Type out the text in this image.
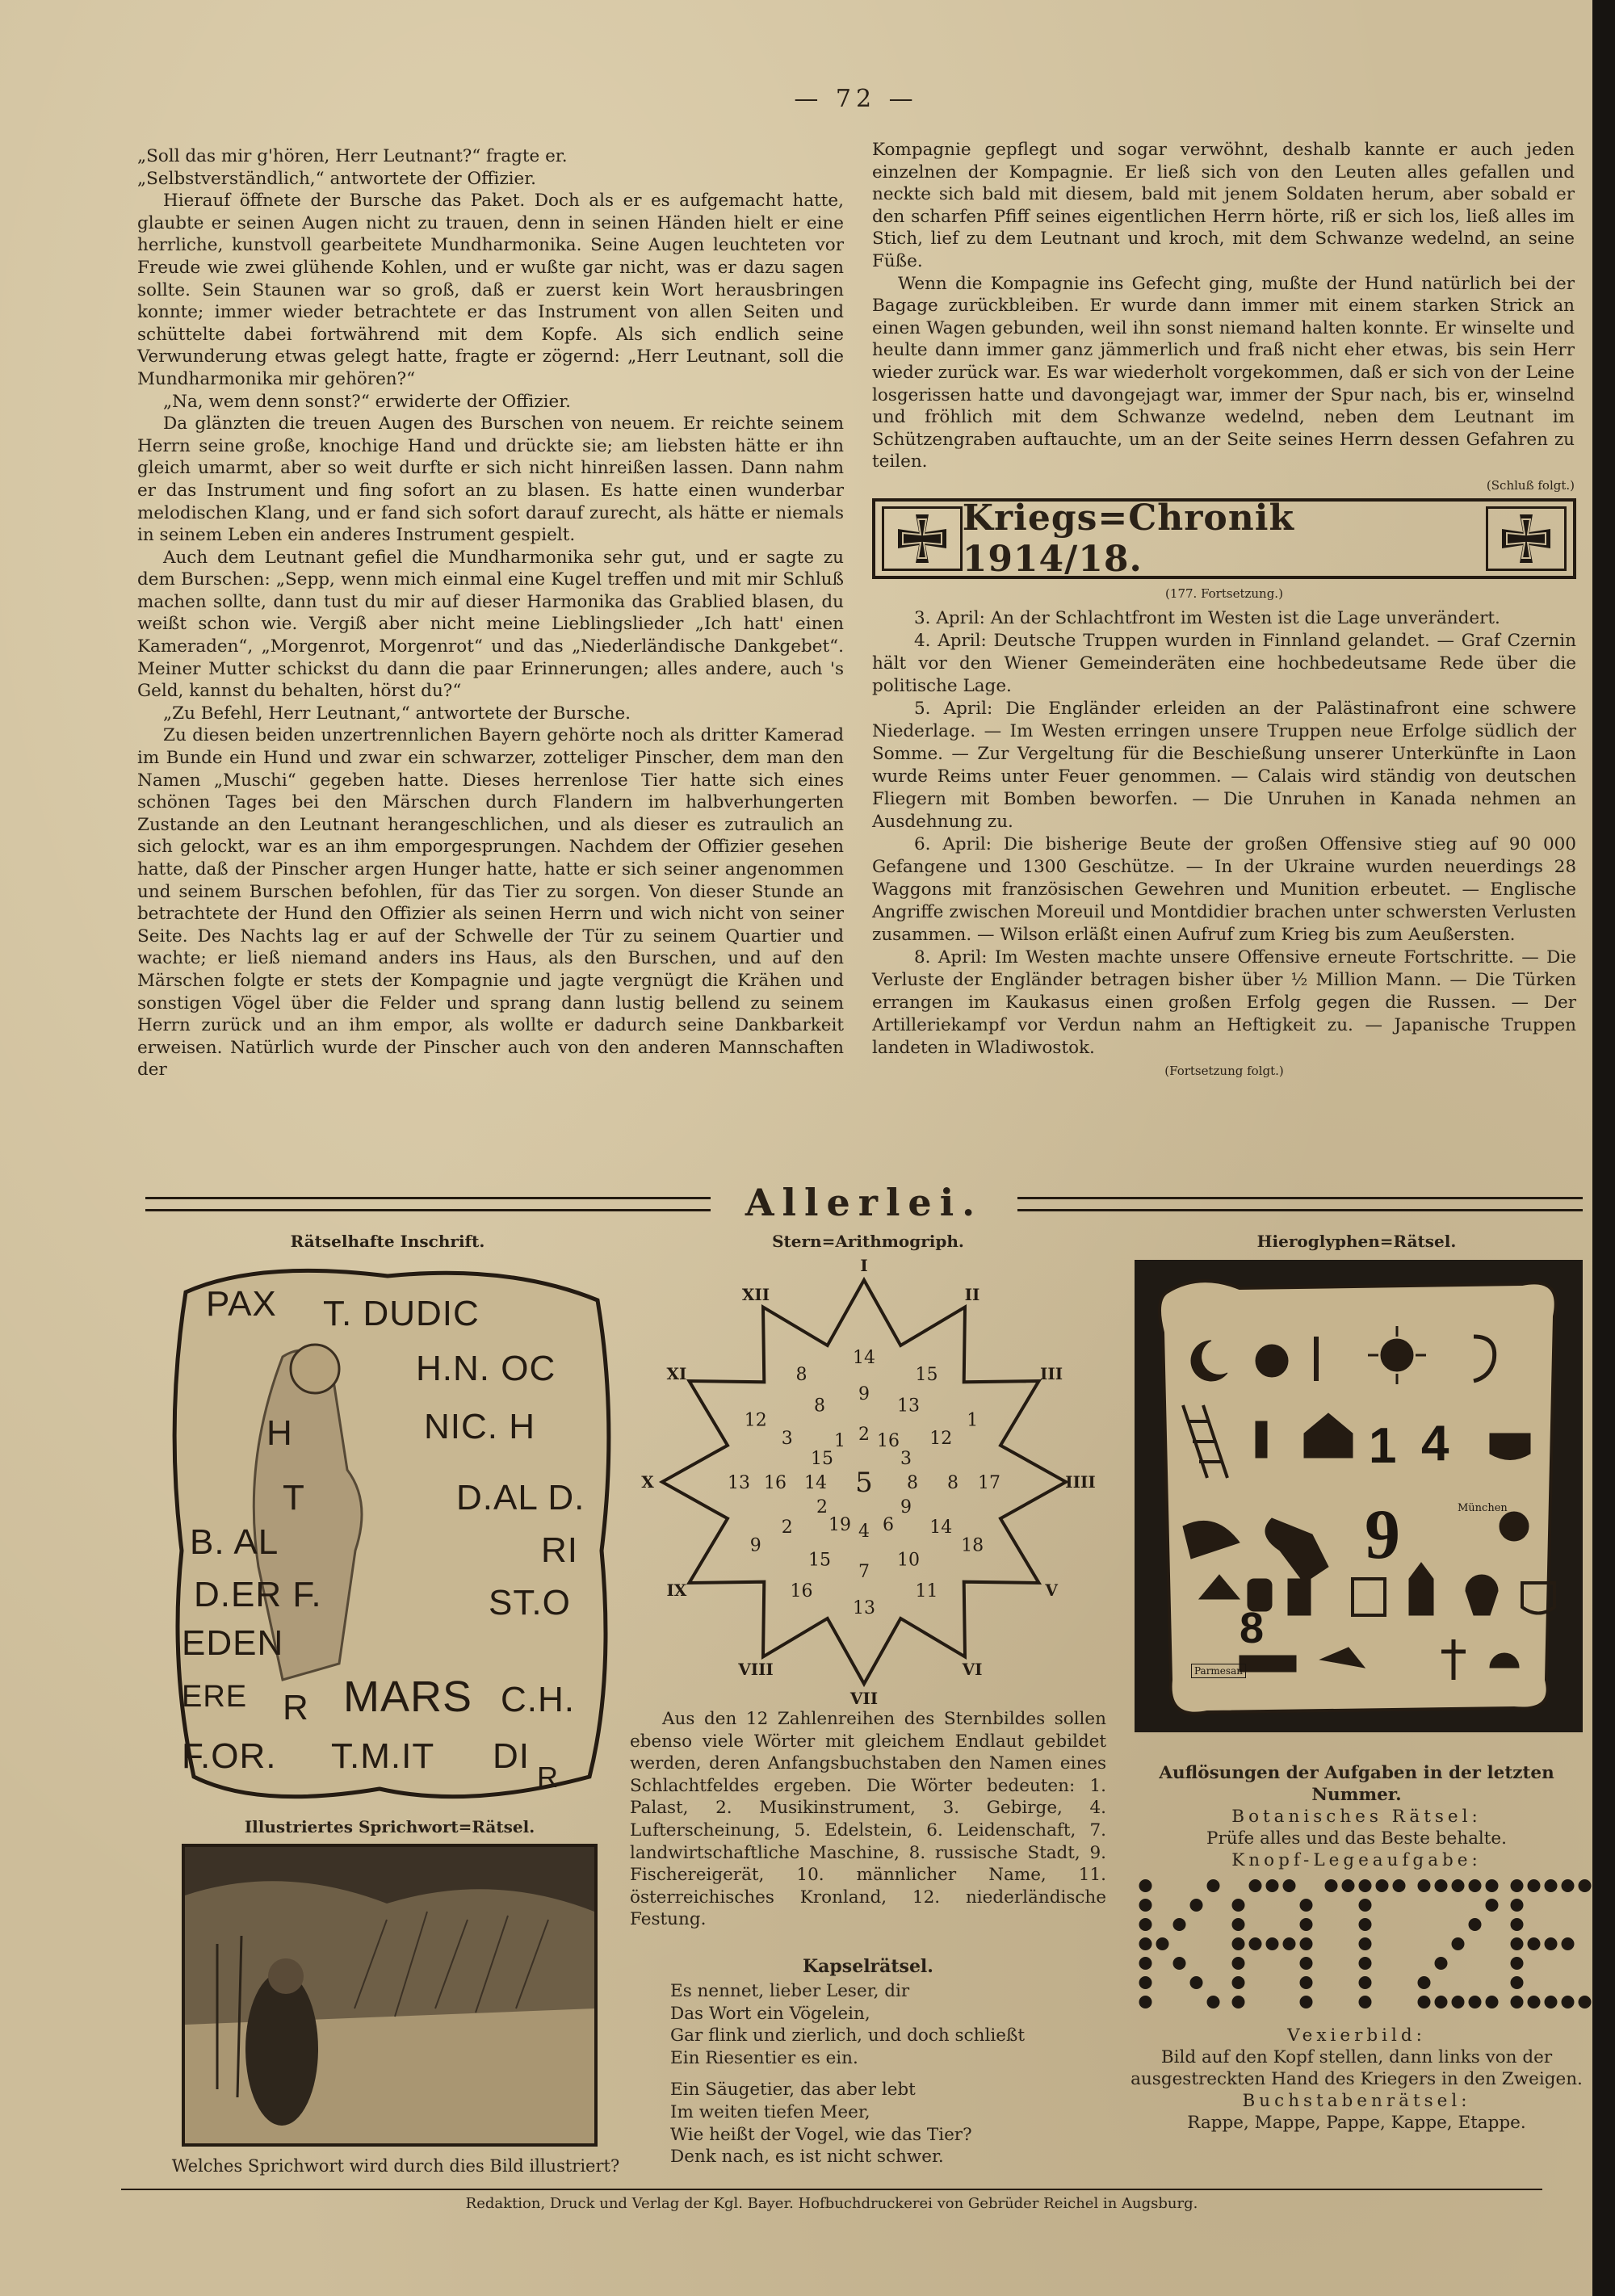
— 72 —

„Soll das mir g'hören, Herr Leutnant?“ fragte er.

„Selbstverständlich,“ antwortete der Offizier.

Hierauf öffnete der Bursche das Paket. Doch als er es aufgemacht hatte, glaubte er seinen Augen nicht zu trauen, denn in seinen Händen hielt er eine herrliche, kunstvoll gearbeitete Mundharmonika. Seine Augen leuchteten vor Freude wie zwei glühende Kohlen, und er wußte gar nicht, was er dazu sagen sollte. Sein Staunen war so groß, daß er zuerst kein Wort herausbringen konnte; immer wieder betrachtete er das Instrument von allen Seiten und schüttelte dabei fortwährend mit dem Kopfe. Als sich endlich seine Verwunderung etwas gelegt hatte, fragte er zögernd: „Herr Leutnant, soll die Mundharmonika mir gehören?“

„Na, wem denn sonst?“ erwiderte der Offizier.

Da glänzten die treuen Augen des Burschen von neuem. Er reichte seinem Herrn seine große, knochige Hand und drückte sie; am liebsten hätte er ihn gleich umarmt, aber so weit durfte er sich nicht hinreißen lassen. Dann nahm er das Instrument und fing sofort an zu blasen. Es hatte einen wunderbar melodischen Klang, und er fand sich sofort darauf zurecht, als hätte er niemals in seinem Leben ein anderes Instrument gespielt.

Auch dem Leutnant gefiel die Mundharmonika sehr gut, und er sagte zu dem Burschen: „Sepp, wenn mich einmal eine Kugel treffen und mit mir Schluß machen sollte, dann tust du mir auf dieser Harmonika das Grablied blasen, du weißt schon wie. Vergiß aber nicht meine Lieblingslieder „Ich hatt' einen Kameraden“, „Morgenrot, Morgenrot“ und das „Niederländische Dankgebet“. Meiner Mutter schickst du dann die paar Erinnerungen; alles andere, auch 's Geld, kannst du behalten, hörst du?“

„Zu Befehl, Herr Leutnant,“ antwortete der Bursche.

Zu diesen beiden unzertrennlichen Bayern gehörte noch als dritter Kamerad im Bunde ein Hund und zwar ein schwarzer, zotteliger Pinscher, dem man den Namen „Muschi“ gegeben hatte. Dieses herrenlose Tier hatte sich eines schönen Tages bei den Märschen durch Flandern im halbverhungerten Zustande an den Leutnant herangeschlichen, und als dieser es zutraulich an sich gelockt, war es an ihm emporgesprungen. Nachdem der Offizier gesehen hatte, daß der Pinscher argen Hunger hatte, hatte er sich seiner angenommen und seinem Burschen befohlen, für das Tier zu sorgen. Von dieser Stunde an betrachtete der Hund den Offizier als seinen Herrn und wich nicht von seiner Seite. Des Nachts lag er auf der Schwelle der Tür zu seinem Quartier und wachte; er ließ niemand anders ins Haus, als den Burschen, und auf den Märschen folgte er stets der Kompagnie und jagte vergnügt die Krähen und sonstigen Vögel über die Felder und sprang dann lustig bellend zu seinem Herrn zurück und an ihm empor, als wollte er dadurch seine Dankbarkeit erweisen. Natürlich wurde der Pinscher auch von den anderen Mannschaften der

Kompagnie gepflegt und sogar verwöhnt, deshalb kannte er auch jeden einzelnen der Kompagnie. Er ließ sich von den Leuten alles gefallen und neckte sich bald mit diesem, bald mit jenem Soldaten herum, aber sobald er den scharfen Pfiff seines eigentlichen Herrn hörte, riß er sich los, ließ alles im Stich, lief zu dem Leutnant und kroch, mit dem Schwanze wedelnd, an seine Füße.

Wenn die Kompagnie ins Gefecht ging, mußte der Hund natürlich bei der Bagage zurückbleiben. Er wurde dann immer mit einem starken Strick an einen Wagen gebunden, weil ihn sonst niemand halten konnte. Er winselte und heulte dann immer ganz jämmerlich und fraß nicht eher etwas, bis sein Herr wieder zurück war. Es war wiederholt vorgekommen, daß er sich von der Leine losgerissen hatte und davongejagt war, immer der Spur nach, bis er, winselnd und fröhlich mit dem Schwanze wedelnd, neben dem Leutnant im Schützengraben auftauchte, um an der Seite seines Herrn dessen Gefahren zu teilen.

(Schluß folgt.)
Kriegs=Chronik 1914/18.
(177. Fortsetzung.)

3. April: An der Schlachtfront im Westen ist die Lage unverändert.

4. April: Deutsche Truppen wurden in Finnland gelandet. — Graf Czernin hält vor den Wiener Gemeinderäten eine hochbedeutsame Rede über die politische Lage.

5. April: Die Engländer erleiden an der Palästinafront eine schwere Niederlage. — Im Westen erringen unsere Truppen neue Erfolge südlich der Somme. — Zur Vergeltung für die Beschießung unserer Unterkünfte in Laon wurde Reims unter Feuer genommen. — Calais wird ständig von deutschen Fliegern mit Bomben beworfen. — Die Unruhen in Kanada nehmen an Ausdehnung zu.

6. April: Die bisherige Beute der großen Offensive stieg auf 90 000 Gefangene und 1300 Geschütze. — In der Ukraine wurden neuerdings 28 Waggons mit französischen Gewehren und Munition erbeutet. — Englische Angriffe zwischen Moreuil und Montdidier brachen unter schwersten Verlusten zusammen. — Wilson erläßt einen Aufruf zum Krieg bis zum Aeußersten.

8. April: Im Westen machte unsere Offensive erneute Fortschritte. — Die Verluste der Engländer betragen bisher über ½ Million Mann. — Die Türken errangen im Kaukasus einen großen Erfolg gegen die Russen. — Der Artilleriekampf vor Verdun nahm an Heftigkeit zu. — Japanische Truppen landeten in Wladiwostok.

(Fortsetzung folgt.)
Allerlei.
Rätselhafte Inschrift.
PAX T. DUDIC
H.N. OC
NIC. H
H
T	D.AL D.
B. AL	RI
D.ER F.	ST.O
EDEN
ERE R MARS C.H.
F.OR. T.M.IT DI
R
Illustriertes Sprichwort=Rätsel.
Welches Sprichwort wird durch dies Bild illustriert?
Stern=Arithmogriph.
I
II
III
IIII
V
VI
VII
VIII
IX
X
XI
XII
5
2
9
14
16
13
15
3
12
1
8 8 17
9
14
18
6
10
11
4
7
13
19
15
16
2
2
9
14
16
13
15
3
12
1
8
8

Aus den 12 Zahlenreihen des Sternbildes sollen ebenso viele Wörter mit gleichem Endlaut gebildet werden, deren Anfangsbuchstaben den Namen eines Schlachtfeldes ergeben. Die Wörter bedeuten: 1. Palast, 2. Musikinstrument, 3. Gebirge, 4. Lufterscheinung, 5. Edelstein, 6. Leidenschaft, 7. landwirtschaftliche Maschine, 8. russische Stadt, 9. Fischereigerät, 10. männlicher Name, 11. österreichisches Kronland, 12. niederländische Festung.

Kapselrätsel.
Es nennet, lieber Leser, dir
Das Wort ein Vögelein,
Gar flink und zierlich, und doch schließt
Ein Riesentier es ein.
Ein Säugetier, das aber lebt
Im weiten tiefen Meer,
Wie heißt der Vogel, wie das Tier?
Denk nach, es ist nicht schwer.
Hieroglyphen=Rätsel.
1 4
9
8
München
Parmesan
Auflösungen der Aufgaben in der letzten Nummer.
Botanisches Rätsel:
Prüfe alles und das Beste behalte.
Knopf-Legeaufgabe:
Vexierbild:
Bild auf den Kopf stellen, dann links von der ausgestreckten Hand des Kriegers in den Zweigen.
Buchstabenrätsel:
Rappe, Mappe, Pappe, Kappe, Etappe.
Redaktion, Druck und Verlag der Kgl. Bayer. Hofbuchdruckerei von Gebrüder Reichel in Augsburg.
